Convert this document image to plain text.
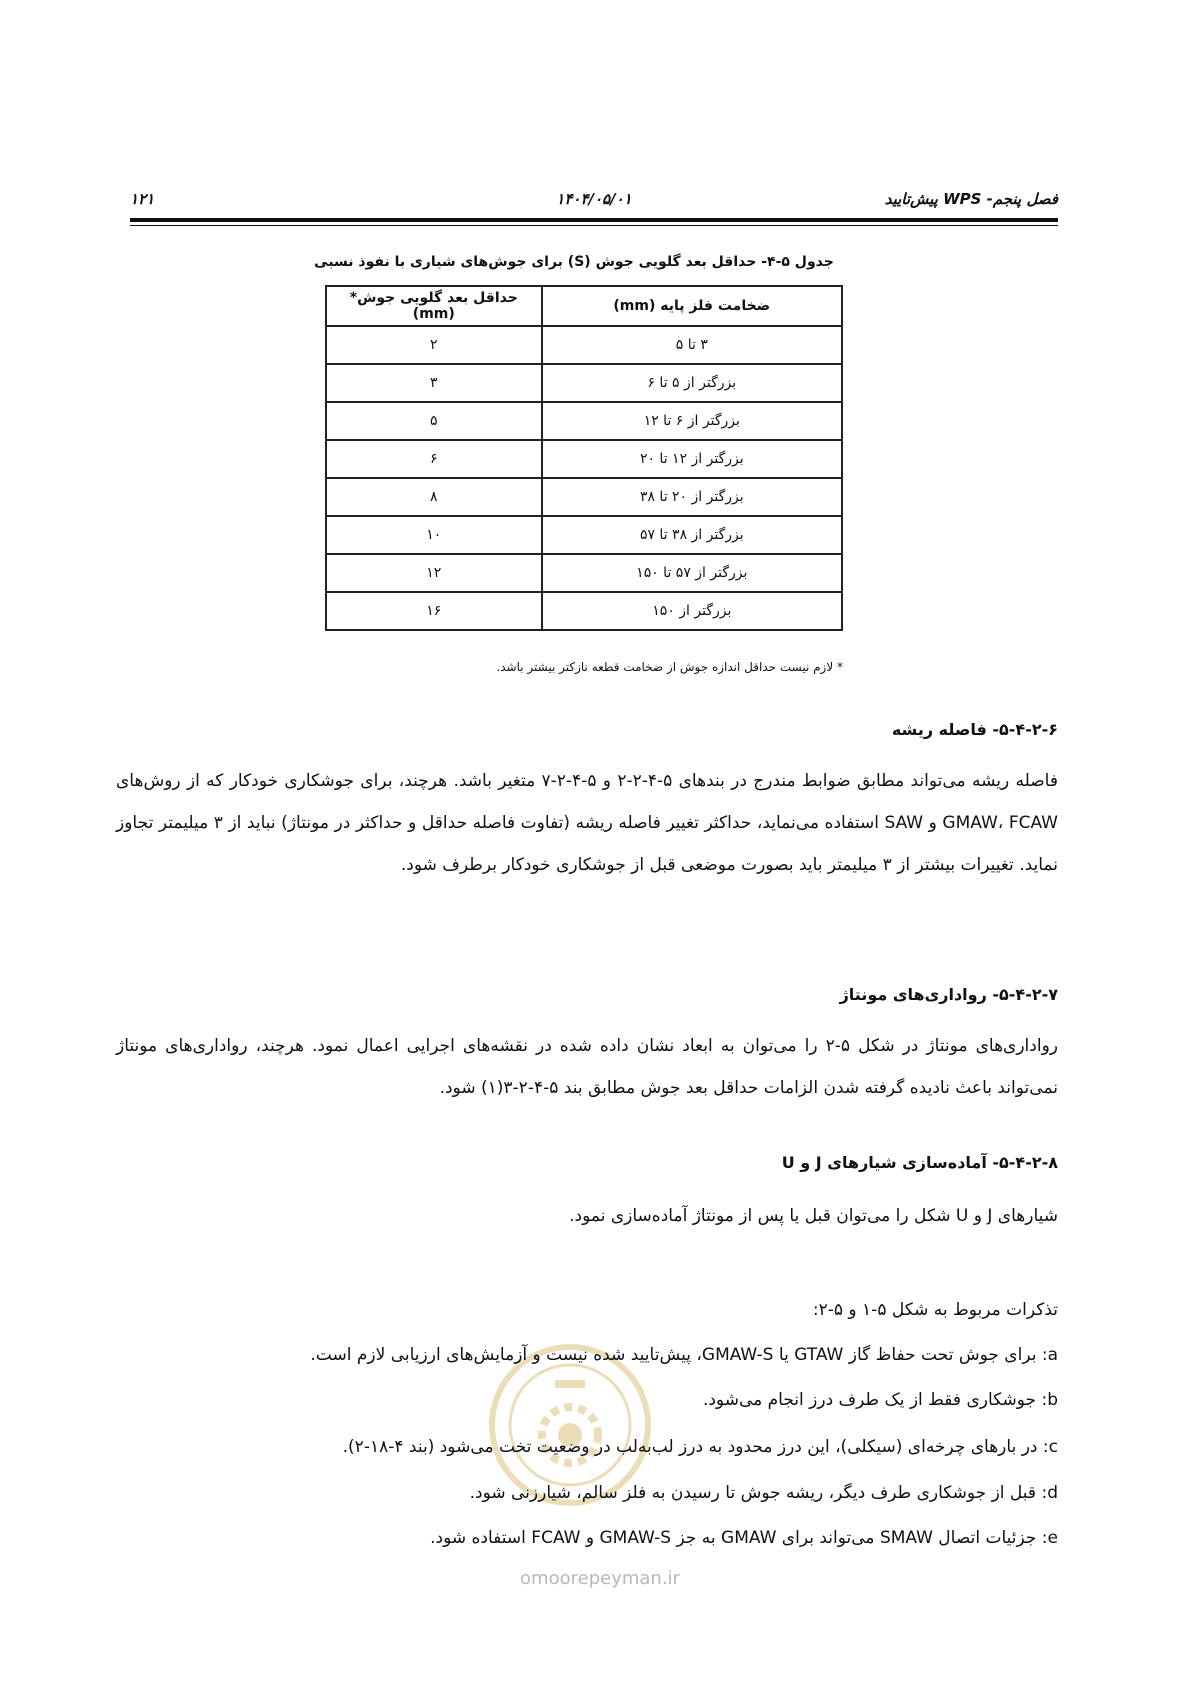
فصل پنجم- WPS پیش‌تایید
۱۴۰۴/۰۵/۰۱
۱۲۱
جدول ۵-۴- حداقل بعد گلویی جوش (S) برای جوش‌های شیاری با نفوذ نسبی
ضخامت فلز پایه (mm)	حداقل بعد گلویی جوش* (mm)
۳ تا ۵	۲
بزرگتر از ۵ تا ۶	۳
بزرگتر از ۶ تا ۱۲	۵
بزرگتر از ۱۲ تا ۲۰	۶
بزرگتر از ۲۰ تا ۳۸	۸
بزرگتر از ۳۸ تا ۵۷	۱۰
بزرگتر از ۵۷ تا ۱۵۰	۱۲
بزرگتر از ۱۵۰	۱۶
* لازم نیست حداقل اندازه جوش از ضخامت قطعه نازکتر بیشتر باشد.
۵-۴-۲-۶- فاصله ریشه
فاصله ریشه می‌تواند مطابق ضوابط مندرج در بندهای ۵-۴-۲-۲ و ۵-۴-۲-۷ متغیر باشد. هرچند، برای جوشکاری خودکار که از روش‌های GMAW، FCAW و SAW استفاده می‌نماید، حداکثر تغییر فاصله ریشه (تفاوت فاصله حداقل و حداکثر در مونتاژ) نباید از ۳ میلیمتر تجاوز نماید. تغییرات بیشتر از ۳ میلیمتر باید بصورت موضعی قبل از جوشکاری خودکار برطرف شود.
۵-۴-۲-۷- رواداری‌های مونتاژ
رواداری‌های مونتاژ در شکل ۵-۲ را می‌توان به ابعاد نشان داده شده در نقشه‌های اجرایی اعمال نمود. هرچند، رواداری‌های مونتاژ نمی‌تواند باعث نادیده گرفته شدن الزامات حداقل بعد جوش مطابق بند ۵-۴-۲-۳(۱) شود.
۵-۴-۲-۸- آماده‌سازی شیارهای J و U
شیارهای J و U شکل را می‌توان قبل یا پس از مونتاژ آماده‌سازی نمود.
تذکرات مربوط به شکل ۵-۱ و ۵-۲:
a: برای جوش تحت حفاظ گاز GTAW یا GMAW-S، پیش‌تایید شده نیست و آزمایش‌های ارزیابی لازم است.
b: جوشکاری فقط از یک طرف درز انجام می‌شود.
c: در بارهای چرخه‌ای (سیکلی)، این درز محدود به درز لب‌به‌لب در وضعیت تخت می‌شود (بند ۴-۱۸-۲).
d: قبل از جوشکاری طرف دیگر، ریشه جوش تا رسیدن به فلز سالم، شیارزنی شود.
e: جزئیات اتصال SMAW می‌تواند برای GMAW به جز GMAW-S و FCAW استفاده شود.
omoorepeyman.ir
